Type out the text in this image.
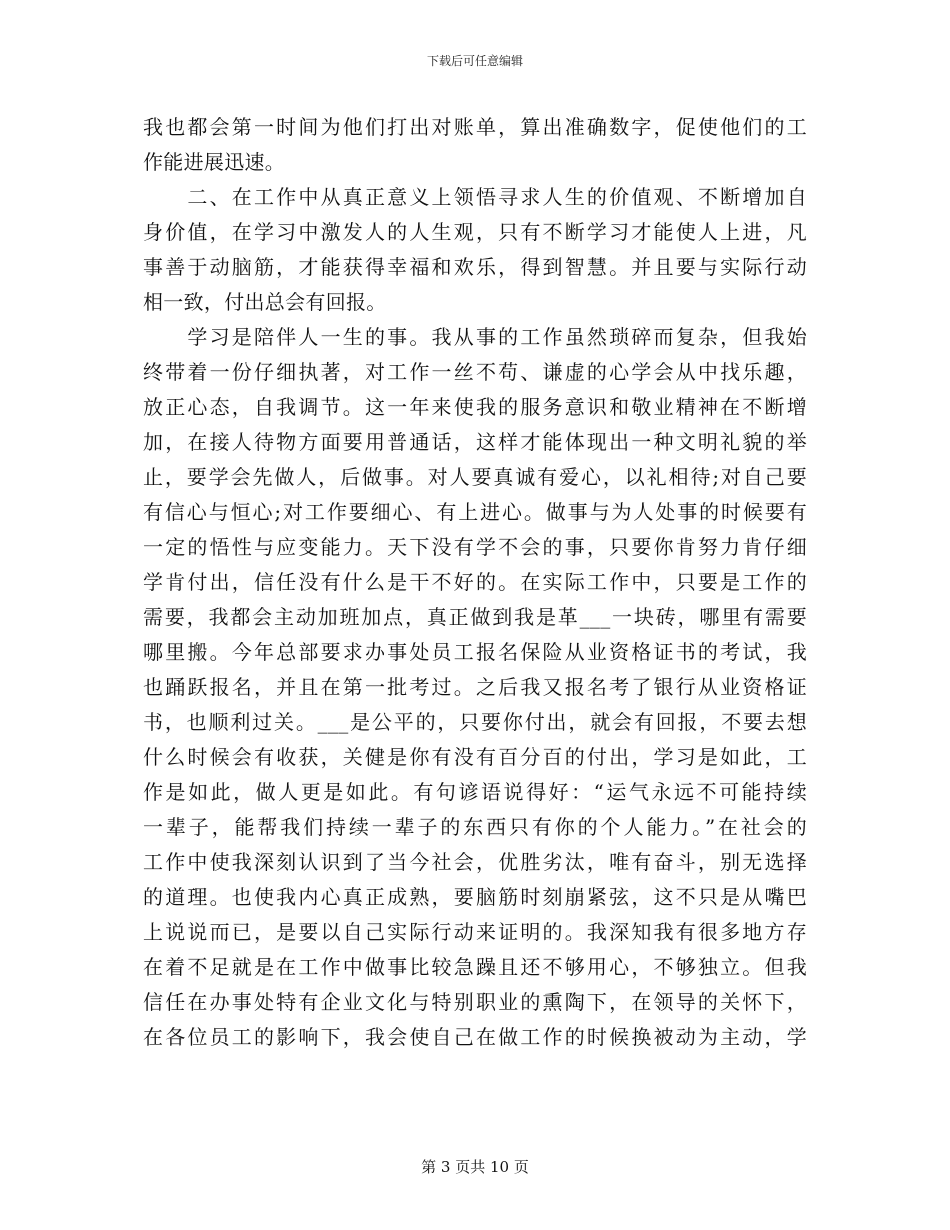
下载后可任意编辑
我也都会第一时间为他们打出对账单，算出准确数字，促使他们的工
作能进展迅速。
　　二、在工作中从真正意义上领悟寻求人生的价值观、不断增加自
身价值，在学习中激发人的人生观，只有不断学习才能使人上进，凡
事善于动脑筋，才能获得幸福和欢乐，得到智慧。并且要与实际行动
相一致，付出总会有回报。
　　学习是陪伴人一生的事。我从事的工作虽然琐碎而复杂，但我始
终带着一份仔细执著，对工作一丝不苟、谦虚的心学会从中找乐趣，
放正心态，自我调节。这一年来使我的服务意识和敬业精神在不断增
加，在接人待物方面要用普通话，这样才能体现出一种文明礼貌的举
止，要学会先做人，后做事。对人要真诚有爱心，以礼相待;对自己要
有信心与恒心;对工作要细心、有上进心。做事与为人处事的时候要有
一定的悟性与应变能力。天下没有学不会的事，只要你肯努力肯仔细
学肯付出，信任没有什么是干不好的。在实际工作中，只要是工作的
需要，我都会主动加班加点，真正做到我是革___一块砖，哪里有需要
哪里搬。今年总部要求办事处员工报名保险从业资格证书的考试，我
也踊跃报名，并且在第一批考过。之后我又报名考了银行从业资格证
书，也顺利过关。___是公平的，只要你付出，就会有回报，不要去想
什么时候会有收获，关健是你有没有百分百的付出，学习是如此，工
作是如此，做人更是如此。有句谚语说得好：“运气永远不可能持续
一辈子，能帮我们持续一辈子的东西只有你的个人能力。”在社会的
工作中使我深刻认识到了当今社会，优胜劣汰，唯有奋斗，别无选择
的道理。也使我内心真正成熟，要脑筋时刻崩紧弦，这不只是从嘴巴
上说说而已，是要以自己实际行动来证明的。我深知我有很多地方存
在着不足就是在工作中做事比较急躁且还不够用心，不够独立。但我
信任在办事处特有企业文化与特别职业的熏陶下，在领导的关怀下，
在各位员工的影响下，我会使自己在做工作的时候换被动为主动，学
第 3 页共 10 页
